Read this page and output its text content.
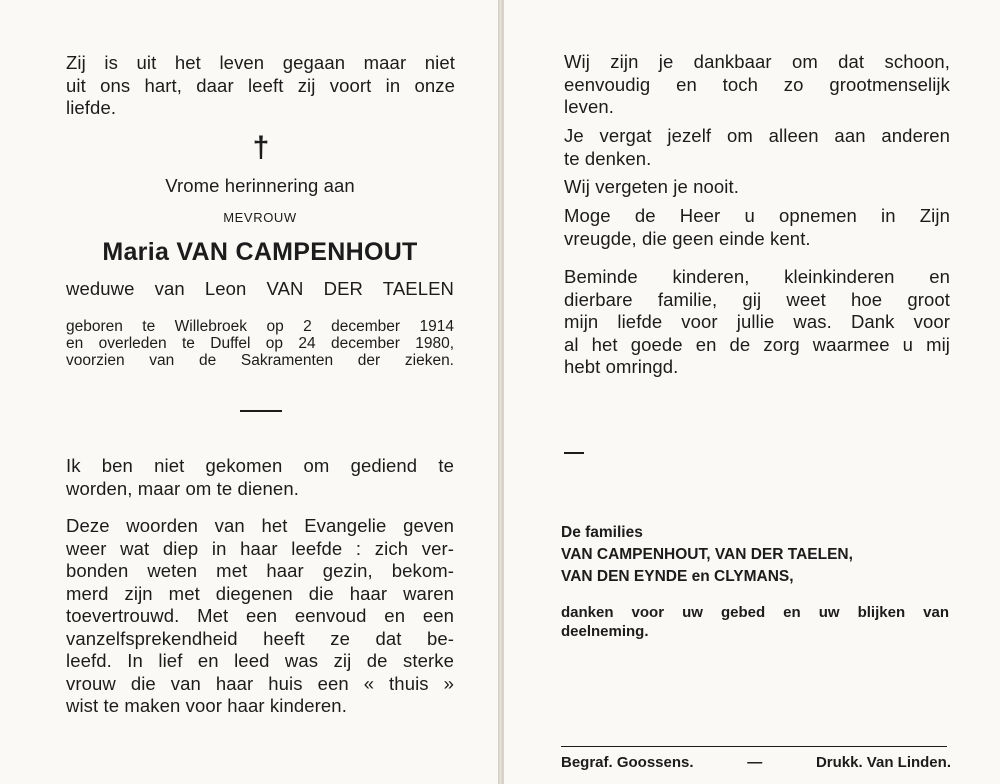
Zij is uit het leven gegaan maar niet
uit ons hart, daar leeft zij voort in onze
liefde.
†
Vrome herinnering aan
MEVROUW
Maria VAN CAMPENHOUT
weduwe van Leon VAN DER TAELEN
geboren te Willebroek op 2 december 1914
en overleden te Duffel op 24 december 1980,
voorzien van de Sakramenten der zieken.
Ik ben niet gekomen om gediend te
worden, maar om te dienen.
Deze woorden van het Evangelie geven
weer wat diep in haar leefde : zich ver-
bonden weten met haar gezin, bekom-
merd zijn met diegenen die haar waren
toevertrouwd. Met een eenvoud en een
vanzelfsprekendheid heeft ze dat be-
leefd. In lief en leed was zij de sterke
vrouw die van haar huis een « thuis »
wist te maken voor haar kinderen.
Wij zijn je dankbaar om dat schoon,
eenvoudig en toch zo grootmenselijk
leven.
Je vergat jezelf om alleen aan anderen
te denken.
Wij vergeten je nooit.
Moge de Heer u opnemen in Zijn
vreugde, die geen einde kent.
Beminde kinderen, kleinkinderen en
dierbare familie, gij weet hoe groot
mijn liefde voor jullie was. Dank voor
al het goede en de zorg waarmee u mij
hebt omringd.
De families
VAN CAMPENHOUT, VAN DER TAELEN,
VAN DEN EYNDE en CLYMANS,
danken voor uw gebed en uw blijken van
deelneming.
Begraf. Goossens.	—	Drukk. Van Linden.
